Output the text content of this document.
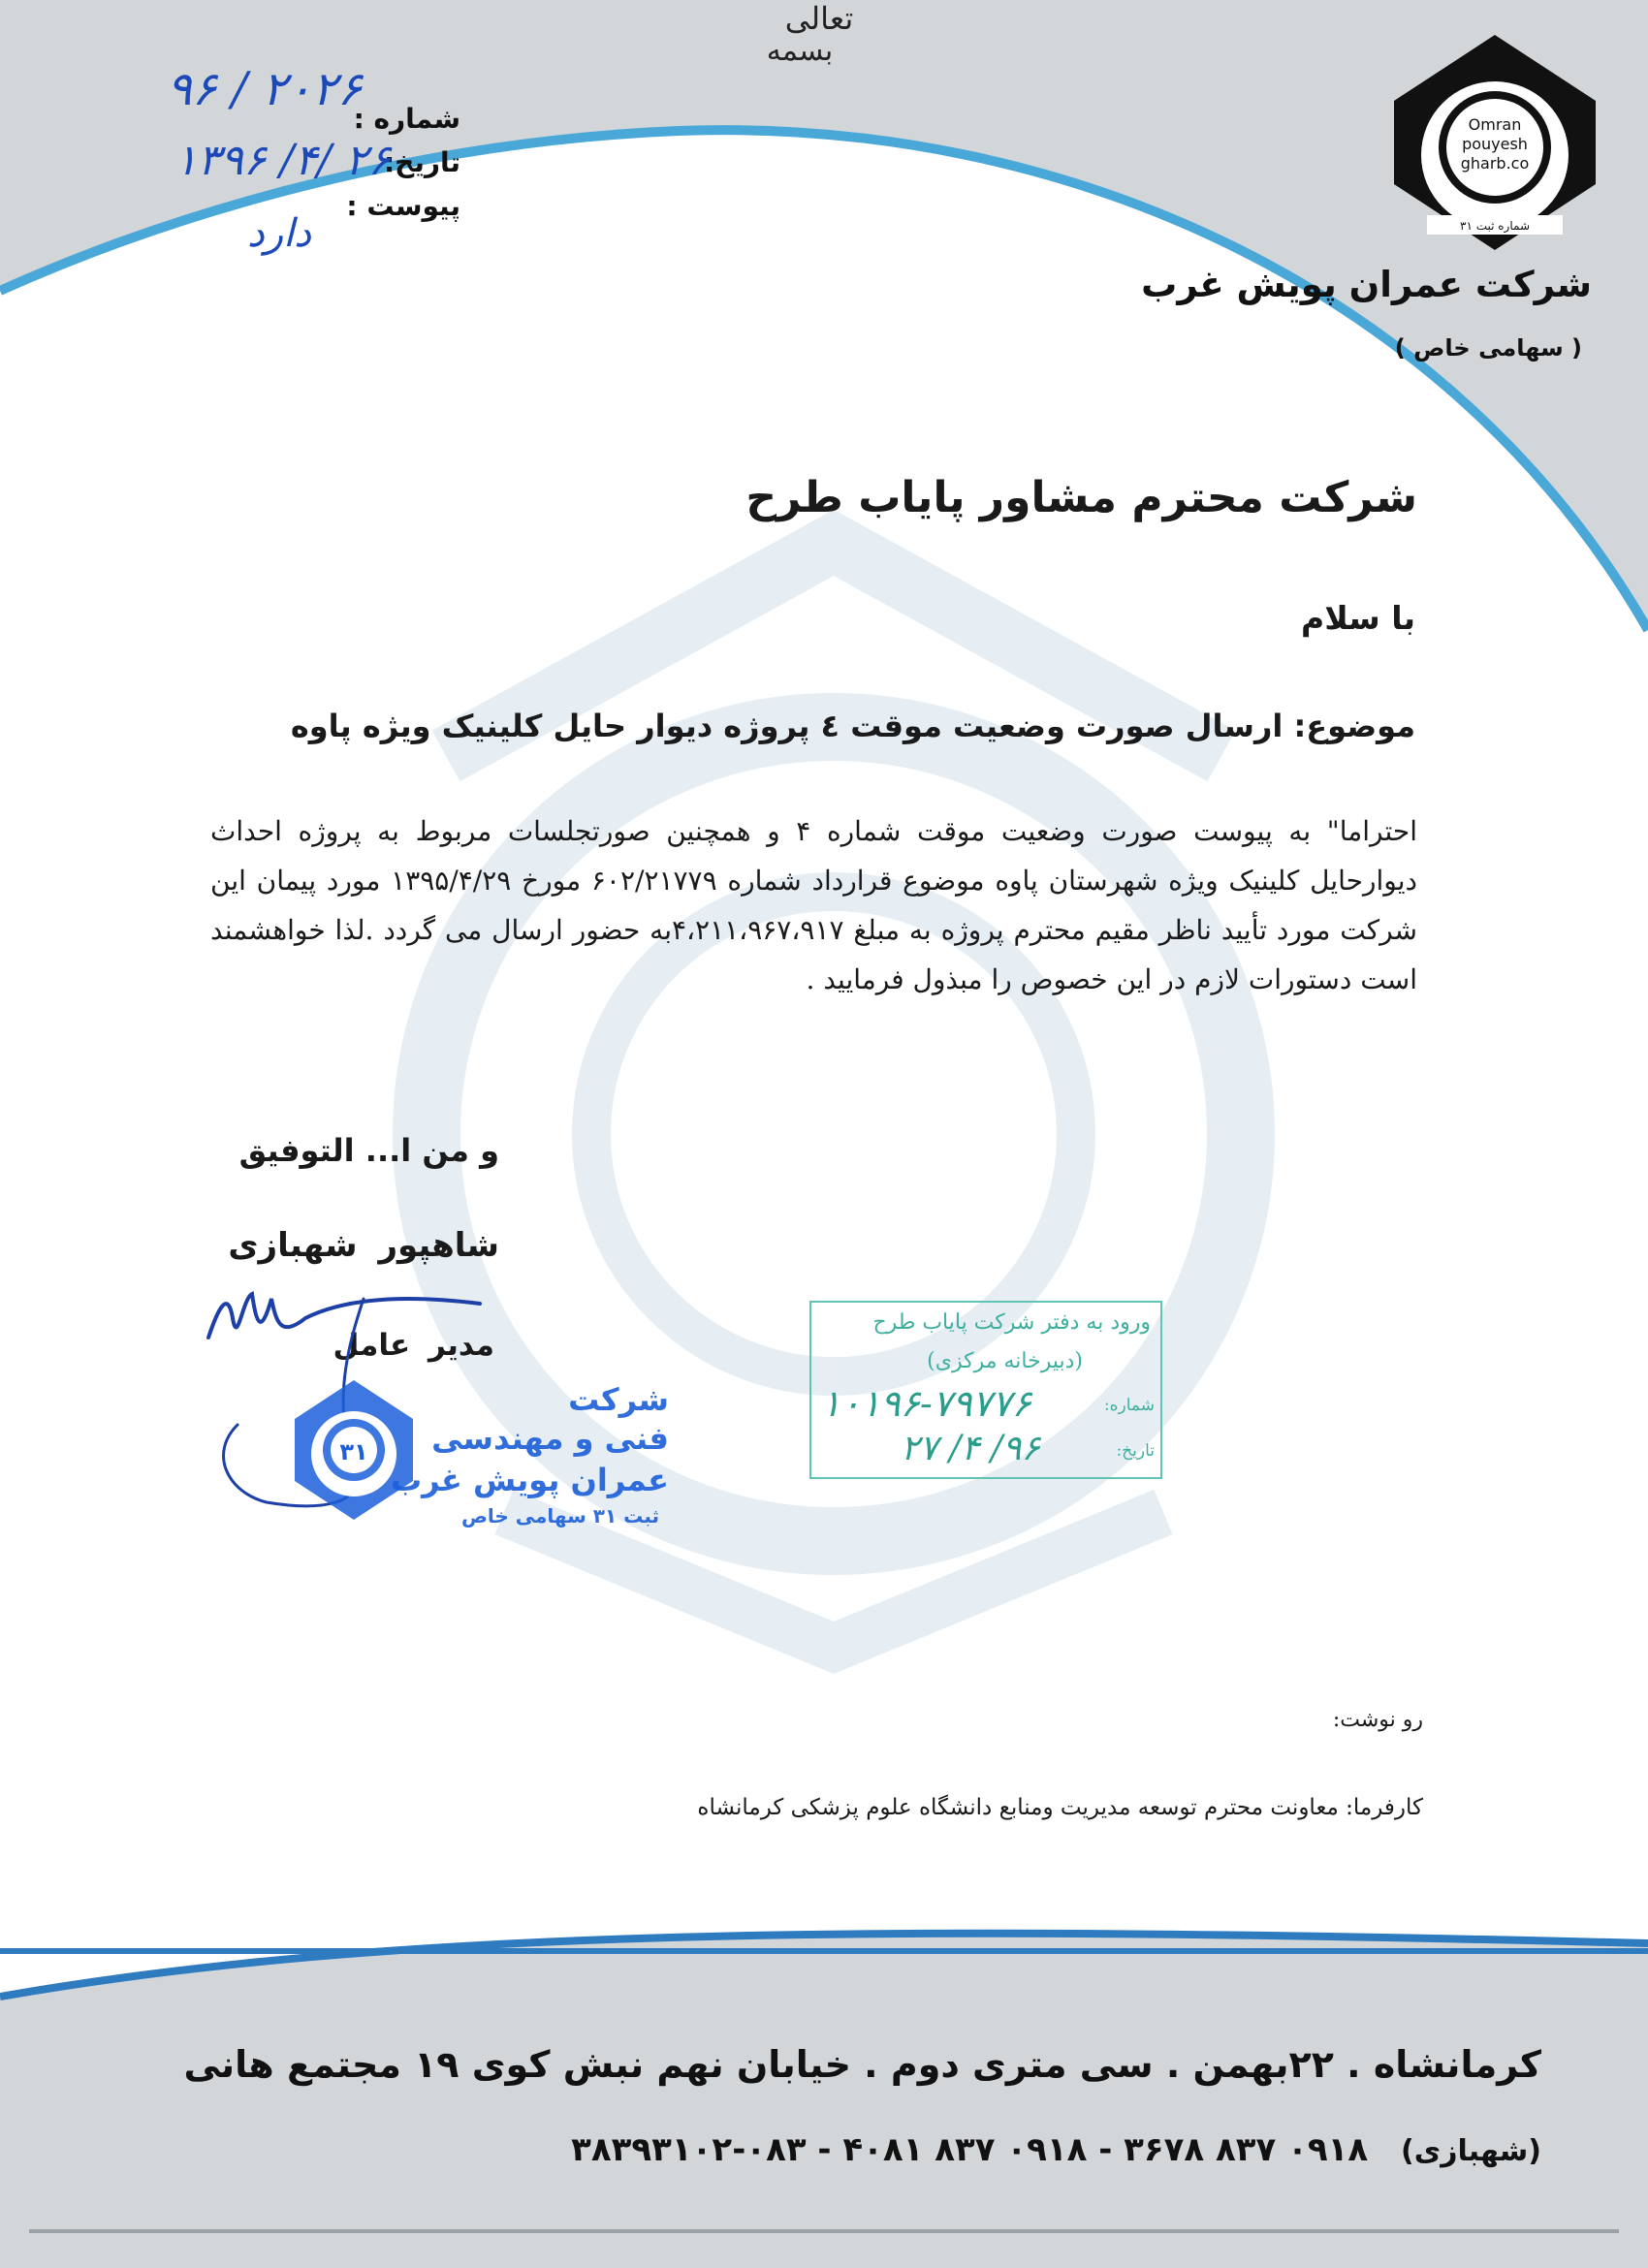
تعالی
بسمه
شماره :
تاریخ:
پیوست :
۹۶ / ۲۰۲۶
۱۳۹۶ /۴/ ۲۶
دارد
Omran
pouyesh
gharb.co
شماره ثبت ۳۱
شرکت عمران پویش غرب
( سهامی خاص )
شرکت محترم مشاور پایاب طرح
با سلام
موضوع: ارسال صورت وضعیت موقت ٤ پروژه دیوار حایل کلینیک ویژه پاوه
احتراما" به پیوست صورت وضعیت موقت شماره ۴ و همچنین صورتجلسات مربوط به پروژه احداث دیوارحایل کلینیک ویژه شهرستان پاوه موضوع قرارداد شماره ۶۰۲/۲۱۷۷۹ مورخ ۱۳۹۵/۴/۲۹ مورد پیمان این شرکت مورد تأیید ناظر مقیم محترم پروژه به مبلغ ۴،۲۱۱،۹۶۷،۹۱۷به حضور ارسال می گردد .لذا خواهشمند است دستورات لازم در این خصوص را مبذول فرمایید .
و من ا... التوفیق
شاهپور شهبازی
مدیر عامل
۳۱
شرکت
فنی و مهندسی
عمران پویش غرب
ثبت ۳۱ سهامی خاص
ورود به دفتر شرکت پایاب طرح
(دبیرخانه مرکزی)
شماره:
تاریخ:
۱۰۱۹۶-۷۹۷۷۶
۹۶/ ۴/ ۲۷
رو نوشت:
کارفرما: معاونت محترم توسعه مدیریت ومنابع دانشگاه علوم پزشکی کرمانشاه
کرمانشاه . ۲۲بهمن . سی متری دوم . خیابان نهم نبش کوی ۱۹ مجتمع هانی
(شهبازی) ۰۹۱۸ ۸۳۷ ۳۶۷۸ - ۰۹۱۸ ۸۳۷ ۴۰۸۱ - ۰۸۳-۳۸۳۹۳۱۰۲
